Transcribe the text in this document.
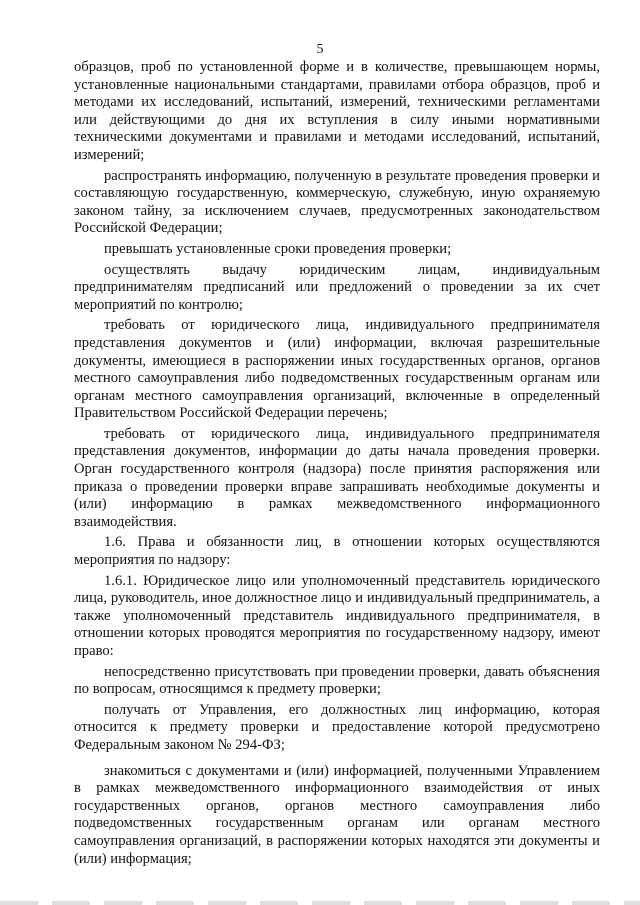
5

образцов, проб по установленной форме и в количестве, превышающем нормы, установленные национальными стандартами, правилами отбора образцов, проб и методами их исследований, испытаний, измерений, техническими регламентами или действующими до дня их вступления в силу иными нормативными техническими документами и правилами и методами исследований, испытаний, измерений;

распространять информацию, полученную в результате проведения проверки и составляющую государственную, коммерческую, служебную, иную охраняемую законом тайну, за исключением случаев, предусмотренных законодательством Российской Федерации;

превышать установленные сроки проведения проверки;

осуществлять выдачу юридическим лицам, индивидуальным предпринимателям предписаний или предложений о проведении за их счет мероприятий по контролю;

требовать от юридического лица, индивидуального предпринимателя представления документов и (или) информации, включая разрешительные документы, имеющиеся в распоряжении иных государственных органов, органов местного самоуправления либо подведомственных государственным органам или органам местного самоуправления организаций, включенные в определенный Правительством Российской Федерации перечень;

требовать от юридического лица, индивидуального предпринимателя представления документов, информации до даты начала проведения проверки. Орган государственного контроля (надзора) после принятия распоряжения или приказа о проведении проверки вправе запрашивать необходимые документы и (или) информацию в рамках межведомственного информационного взаимодействия.

1.6. Права и обязанности лиц, в отношении которых осуществляются мероприятия по надзору:

1.6.1. Юридическое лицо или уполномоченный представитель юридического лица, руководитель, иное должностное лицо и индивидуальный предприниматель, а также уполномоченный представитель индивидуального предпринимателя, в отношении которых проводятся мероприятия по государственному надзору, имеют право:

непосредственно присутствовать при проведении проверки, давать объяснения по вопросам, относящимся к предмету проверки;

получать от Управления, его должностных лиц информацию, которая относится к предмету проверки и предоставление которой предусмотрено Федеральным законом № 294-ФЗ;

знакомиться с документами и (или) информацией, полученными Управлением в рамках межведомственного информационного взаимодействия от иных государственных органов, органов местного самоуправления либо подведомственных государственным органам или органам местного самоуправления организаций, в распоряжении которых находятся эти документы и (или) информация;
